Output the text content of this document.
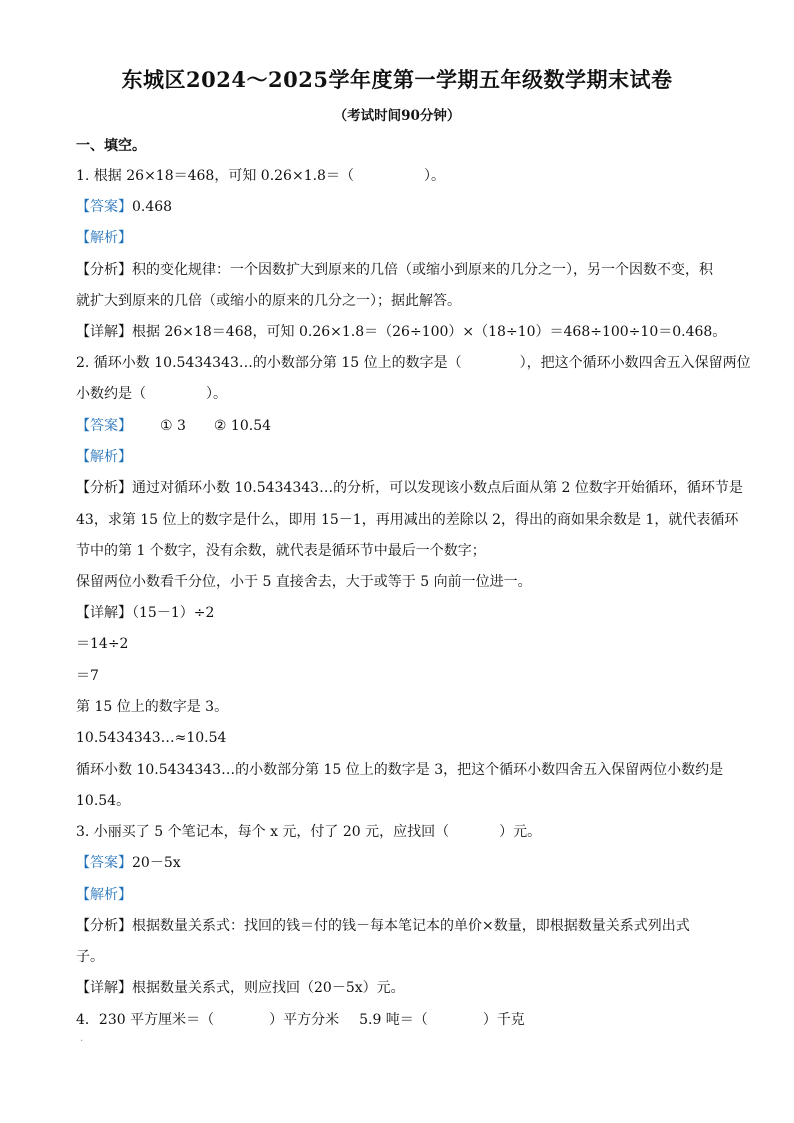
东城区2024～2025学年度第一学期五年级数学期末试卷
（考试时间90分钟）
一、填空。
1. 根据 26×18＝468，可知 0.26×1.8＝（	）。
【答案】0.468
【解析】
【分析】积的变化规律：一个因数扩大到原来的几倍（或缩小到原来的几分之一），另一个因数不变，积
就扩大到原来的几倍（或缩小的原来的几分之一）；据此解答。
【详解】根据 26×18＝468，可知 0.26×1.8＝（26÷100）×（18÷10）＝468÷100÷10＝0.468。
2. 循环小数 10.5434343…的小数部分第 15 位上的数字是（	），把这个循环小数四舍五入保留两位
小数约是（	）。
【答案】 ① 3 ② 10.54
【解析】
【分析】通过对循环小数 10.5434343…的分析，可以发现该小数点后面从第 2 位数字开始循环，循环节是
43，求第 15 位上的数字是什么，即用 15－1，再用减出的差除以 2，得出的商如果余数是 1，就代表循环
节中的第 1 个数字，没有余数，就代表是循环节中最后一个数字；
保留两位小数看千分位，小于 5 直接舍去，大于或等于 5 向前一位进一。
【详解】（15－1）÷2
＝14÷2
＝7
第 15 位上的数字是 3。
10.5434343…≈10.54
循环小数 10.5434343…的小数部分第 15 位上的数字是 3，把这个循环小数四舍五入保留两位小数约是
10.54。
3. 小丽买了 5 个笔记本，每个 x 元，付了 20 元，应找回（	）元。
【答案】20－5x
【解析】
【分析】根据数量关系式：找回的钱＝付的钱－每本笔记本的单价×数量，即根据数量关系式列出式
子。
【详解】根据数量关系式，则应找回（20－5x）元。
4．230 平方厘米＝（	）平方分米 5.9 吨＝（	）千克
·
